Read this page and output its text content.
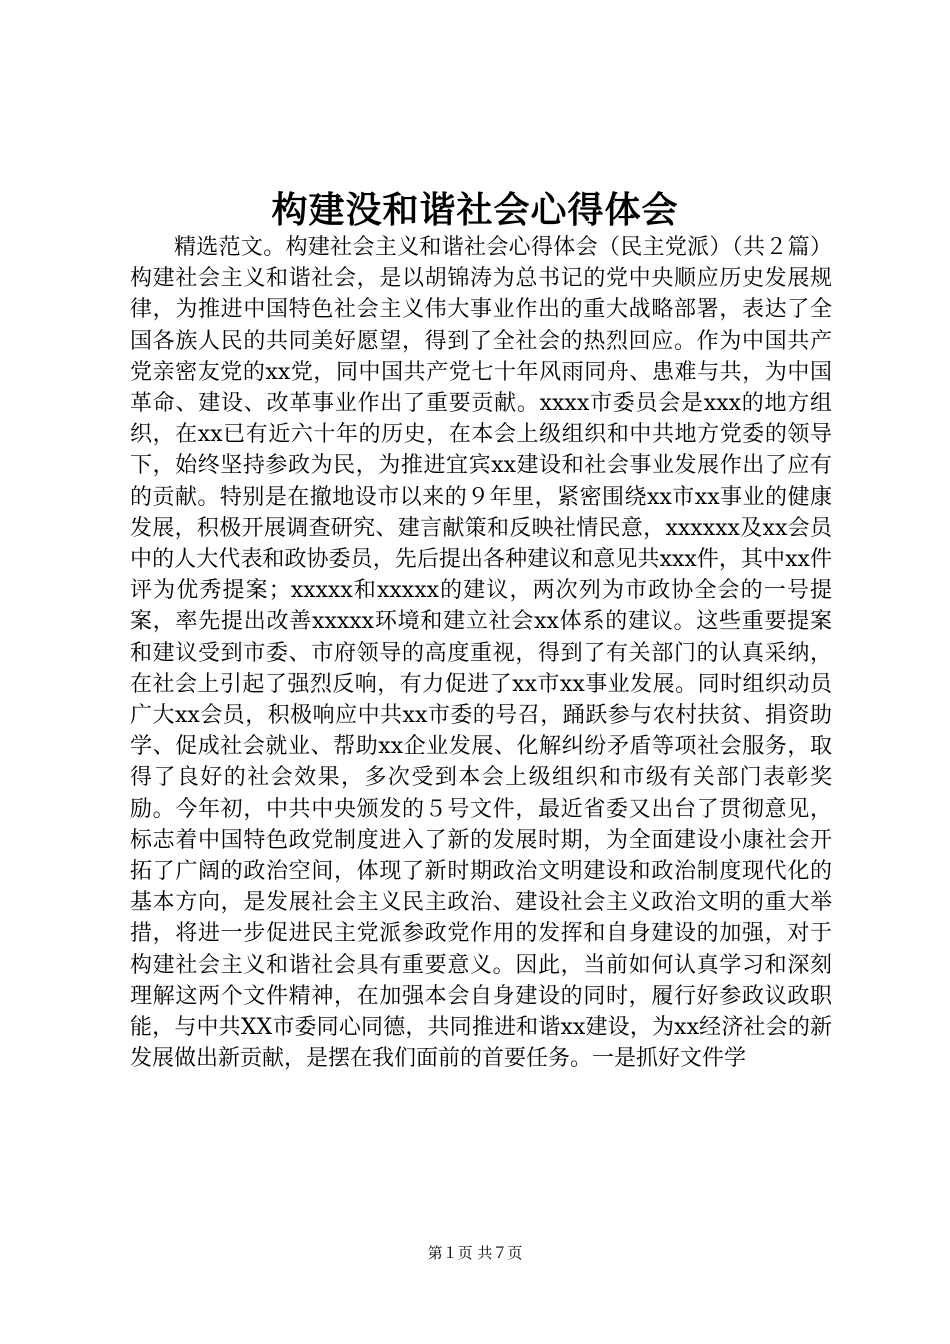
构建没和谐社会心得体会

精选范文。构建社会主义和谐社会心得体会（民主党派）（共２篇）构建社会主义和谐社会，是以胡锦涛为总书记的党中央顺应历史发展规律，为推进中国特色社会主义伟大事业作出的重大战略部署，表达了全国各族人民的共同美好愿望，得到了全社会的热烈回应。作为中国共产党亲密友党的xx党，同中国共产党七十年风雨同舟、患难与共，为中国革命、建设、改革事业作出了重要贡献。xxxx市委员会是xxx的地方组织，在xx已有近六十年的历史，在本会上级组织和中共地方党委的领导下，始终坚持参政为民，为推进宜宾xx建设和社会事业发展作出了应有的贡献。特别是在撤地设市以来的９年里，紧密围绕xx市xx事业的健康发展，积极开展调查研究、建言献策和反映社情民意，xxxxxx及xx会员中的人大代表和政协委员，先后提出各种建议和意见共xxx件，其中xx件评为优秀提案；xxxxx和xxxxx的建议，两次列为市政协全会的一号提案，率先提出改善xxxxx环境和建立社会xx体系的建议。这些重要提案和建议受到市委、市府领导的高度重视，得到了有关部门的认真采纳，在社会上引起了强烈反响，有力促进了xx市xx事业发展。同时组织动员广大xx会员，积极响应中共xx市委的号召，踊跃参与农村扶贫、捐资助学、促成社会就业、帮助xx企业发展、化解纠纷矛盾等项社会服务，取得了良好的社会效果，多次受到本会上级组织和市级有关部门表彰奖励。今年初，中共中央颁发的５号文件，最近省委又出台了贯彻意见，标志着中国特色政党制度进入了新的发展时期，为全面建设小康社会开拓了广阔的政治空间，体现了新时期政治文明建设和政治制度现代化的基本方向，是发展社会主义民主政治、建设社会主义政治文明的重大举措，将进一步促进民主党派参政党作用的发挥和自身建设的加强，对于构建社会主义和谐社会具有重要意义。因此，当前如何认真学习和深刻理解这两个文件精神，在加强本会自身建设的同时，履行好参政议政职能，与中共XX市委同心同德，共同推进和谐xx建设，为xx经济社会的新发展做出新贡献，是摆在我们面前的首要任务。一是抓好文件学

第１页 共７页
